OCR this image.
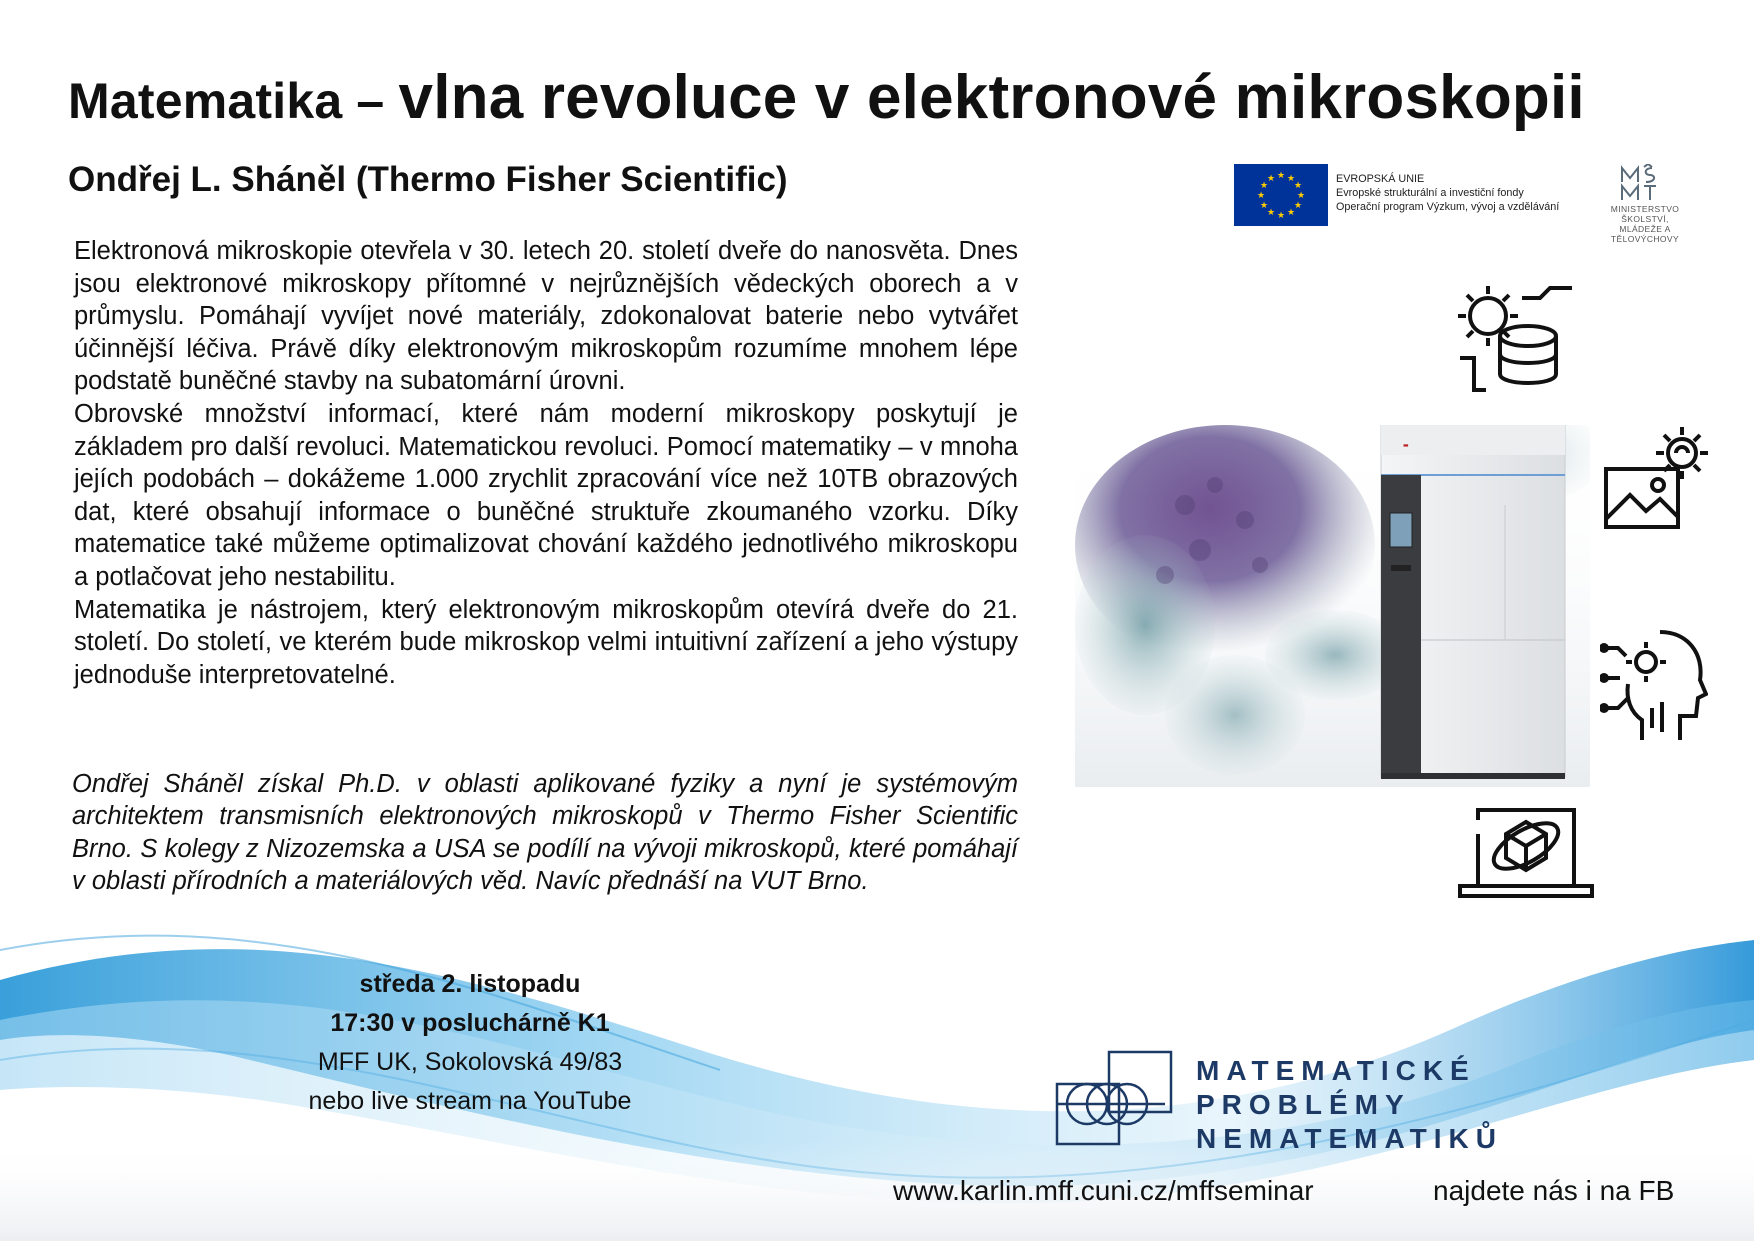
Matematika – vlna revoluce v elektronové mikroskopii
Ondřej L. Sháněl (Thermo Fisher Scientific)	★ ★
★
★
★
★
★
★
★
★
★
★	EVROPSKÁ UNIE
Evropské strukturální a investiční fondy
Operační program Výzkum, vývoj a vzdělávání	MINISTERSTVO ŠKOLSTVÍ,
MLÁDEŽE A TĚLOVÝCHOVY

Elektronová mikroskopie otevřela v 30. letech 20. století dveře do nanosvěta. Dnes jsou elektronové mikroskopy přítomné v nejrůznějších vědeckých oborech a v průmyslu. Pomáhají vyvíjet nové materiály, zdokonalovat baterie nebo vytvářet účinnější léčiva. Právě díky elektronovým mikroskopům rozumíme mnohem lépe podstatě buněčné stavby na subatomární úrovni.

Obrovské množství informací, které nám moderní mikroskopy poskytují je základem pro další revoluci. Matematickou revoluci. Pomocí matematiky – v mnoha jejích podobách – dokážeme 1.000 zrychlit zpracování více než 10TB obrazových dat, které obsahují informace o buněčné struktuře zkoumaného vzorku. Díky matematice také můžeme optimalizovat chování každého jednotlivého mikroskopu a potlačovat jeho nestabilitu.

Matematika je nástrojem, který elektronovým mikroskopům otevírá dveře do 21. století. Do století, ve kterém bude mikroskop velmi intuitivní zařízení a jeho výstupy jednoduše interpretovatelné.

Ondřej Sháněl získal Ph.D. v oblasti aplikované fyziky a nyní je systémovým architektem transmisních elektronových mikroskopů v Thermo Fisher Scientific Brno. S kolegy z Nizozemska a USA se podílí na vývoji mikroskopů, které pomáhají v oblasti přírodních a materiálových věd. Navíc přednáší na VUT Brno.
středa 2. listopadu
17:30 v posluchárně K1
MFF UK, Sokolovská 49/83
nebo live stream na YouTube
▬
MATEMATICKÉ
PROBLÉMY
NEMATEMATIKŮ
www.karlin.mff.cuni.cz/mffseminar	najdete nás i na FB
